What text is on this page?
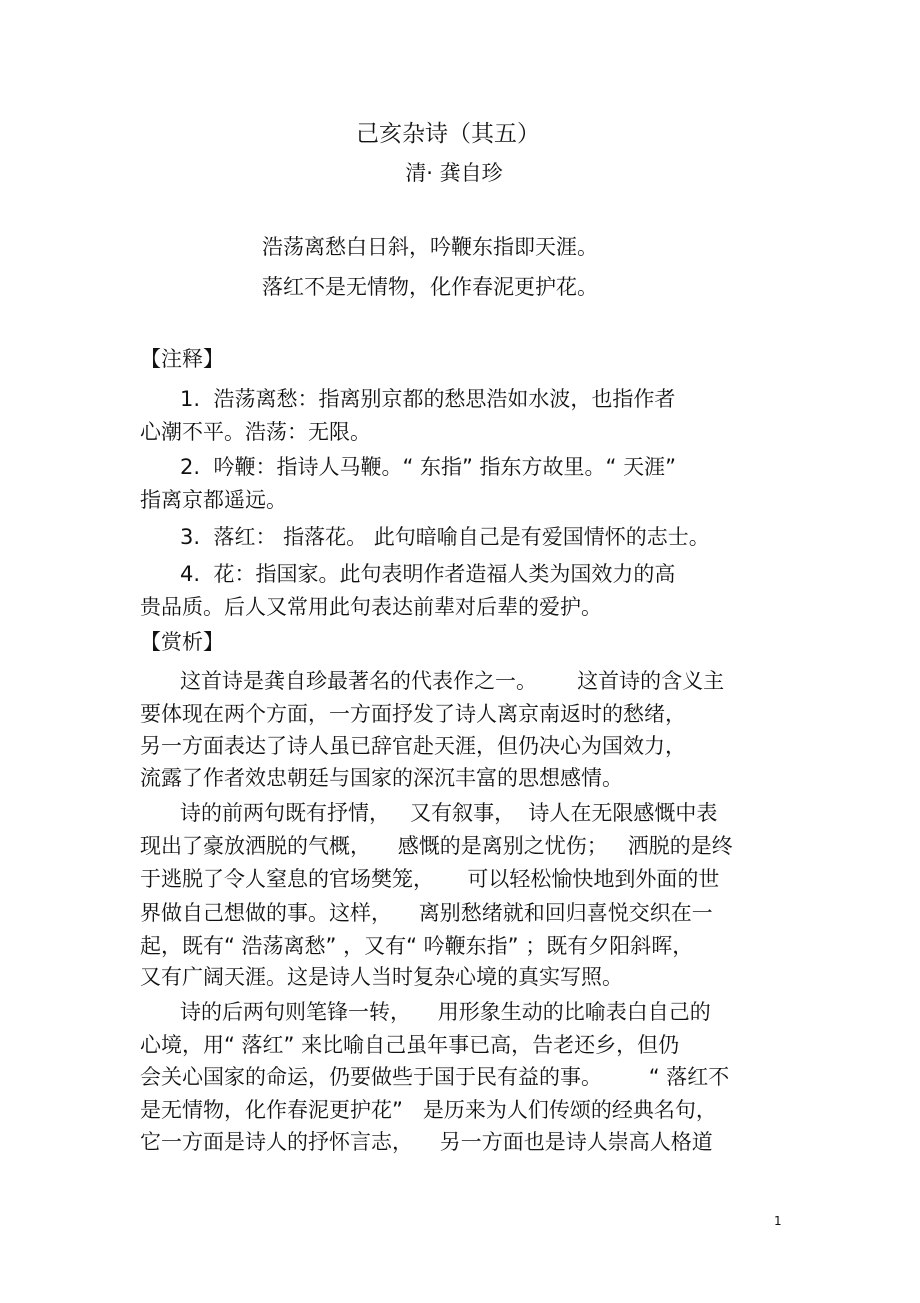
己亥杂诗（其五）

清· 龚自珍

浩荡离愁白日斜，吟鞭东指即天涯。

落红不是无情物，化作春泥更护花。

【注释】

1.  浩荡离愁：指离别京都的愁思浩如水波，也指作者

心潮不平。浩荡：无限。

2.  吟鞭：指诗人马鞭。“ 东指” 指东方故里。“ 天涯”

指离京都遥远。

3.  落红： 指落花。 此句暗喻自己是有爱国情怀的志士。

4.  花：指国家。此句表明作者造福人类为国效力的高

贵品质。后人又常用此句表达前辈对后辈的爱护。

【赏析】

这首诗是龚自珍最著名的代表作之一。      这首诗的含义主

要体现在两个方面，一方面抒发了诗人离京南返时的愁绪，

另一方面表达了诗人虽已辞官赴天涯，但仍决心为国效力，

流露了作者效忠朝廷与国家的深沉丰富的思想感情。

诗的前两句既有抒情，   又有叙事，  诗人在无限感慨中表

现出了豪放洒脱的气概，    感慨的是离别之忧伤；   洒脱的是终

于逃脱了令人窒息的官场樊笼，     可以轻松愉快地到外面的世

界做自己想做的事。这样，    离别愁绪就和回归喜悦交织在一

起，既有“ 浩荡离愁” ，又有“ 吟鞭东指” ；既有夕阳斜晖，

又有广阔天涯。这是诗人当时复杂心境的真实写照。

诗的后两句则笔锋一转，    用形象生动的比喻表白自己的

心境，用“ 落红” 来比喻自己虽年事已高，告老还乡，但仍

会关心国家的命运，仍要做些于国于民有益的事。       “ 落红不

是无情物，化作春泥更护花”   是历来为人们传颂的经典名句，

它一方面是诗人的抒怀言志，    另一方面也是诗人崇高人格道

1
